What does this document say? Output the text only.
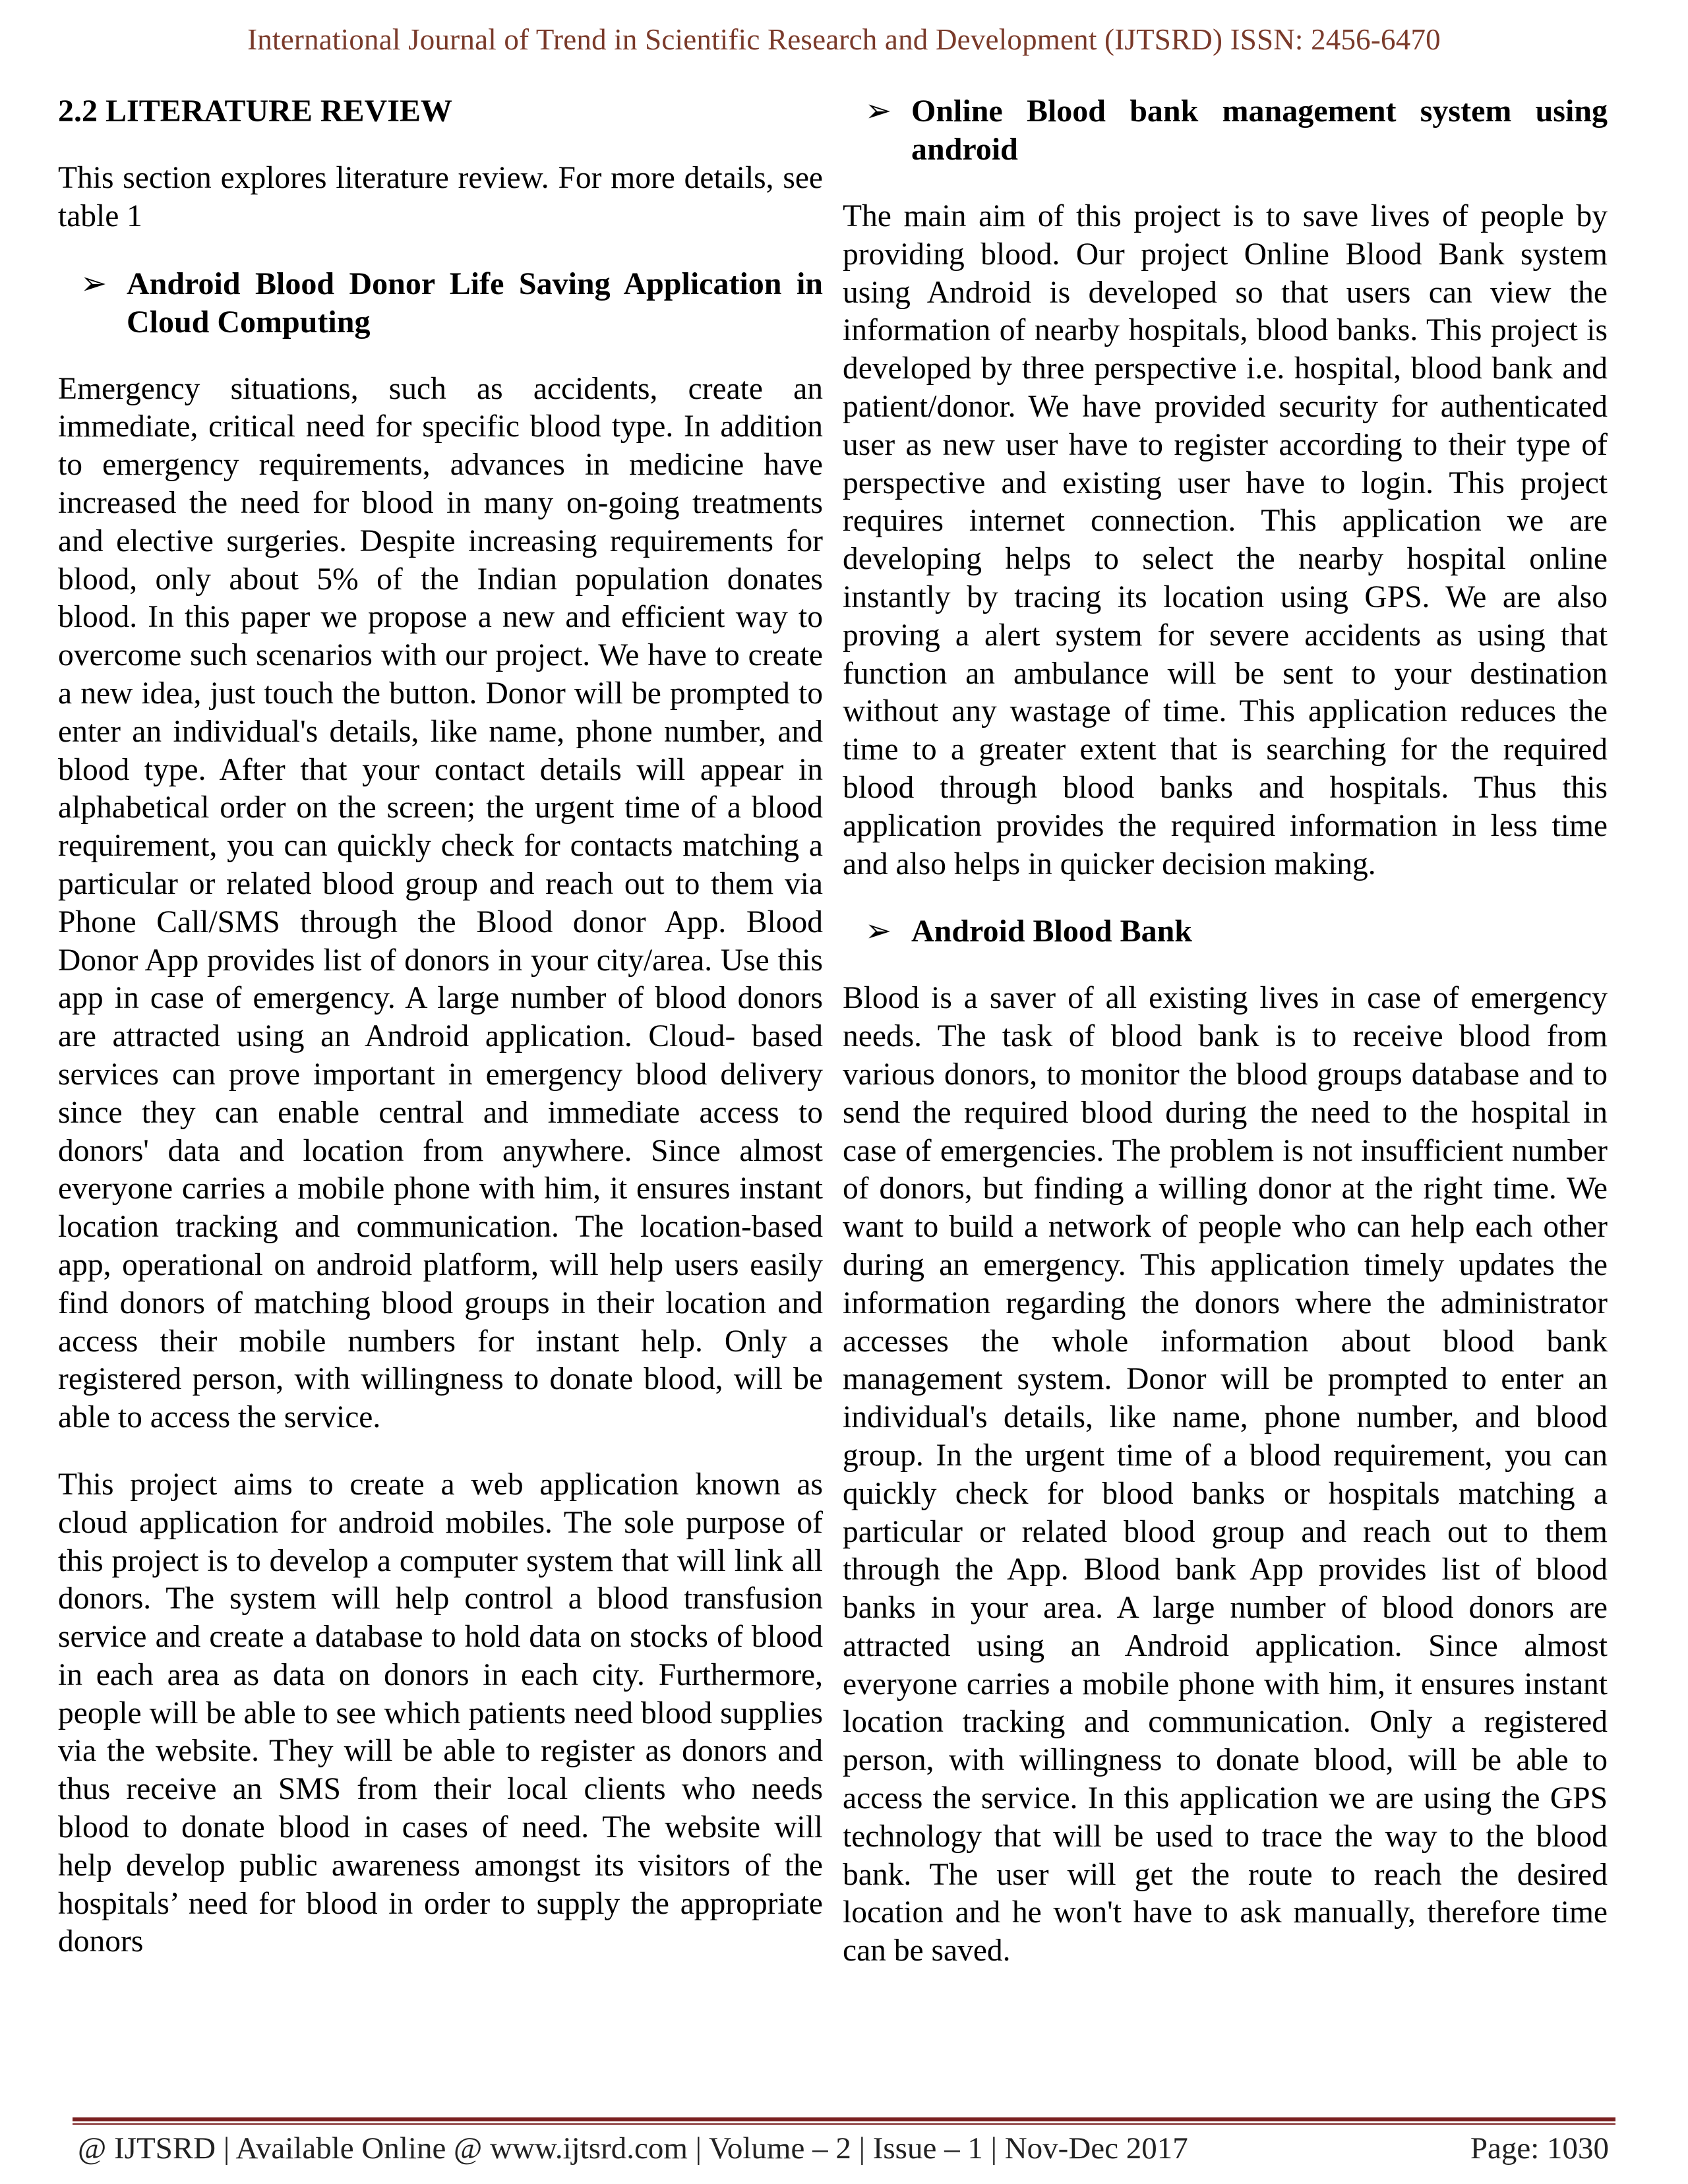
International Journal of Trend in Scientific Research and Development (IJTSRD) ISSN: 2456-6470
2.2 LITERATURE REVIEW

This section explores literature review. For more details, see table 1

➢ Android Blood Donor Life Saving Application in Cloud Computing

Emergency situations, such as accidents, create an immediate, critical need for specific blood type. In addition to emergency requirements, advances in medicine have increased the need for blood in many on-going treatments and elective surgeries. Despite increasing requirements for blood, only about 5% of the Indian population donates blood. In this paper we propose a new and efficient way to overcome such scenarios with our project. We have to create a new idea, just touch the button. Donor will be prompted to enter an individual's details, like name, phone number, and blood type. After that your contact details will appear in alphabetical order on the screen; the urgent time of a blood requirement, you can quickly check for contacts matching a particular or related blood group and reach out to them via Phone Call/SMS through the Blood donor App. Blood Donor App provides list of donors in your city/area. Use this app in case of emergency. A large number of blood donors are attracted using an Android application. Cloud- based services can prove important in emergency blood delivery since they can enable central and immediate access to donors' data and location from anywhere. Since almost everyone carries a mobile phone with him, it ensures instant location tracking and communication. The location-based app, operational on android platform, will help users easily find donors of matching blood groups in their location and access their mobile numbers for instant help. Only a registered person, with willingness to donate blood, will be able to access the service.

This project aims to create a web application known as cloud application for android mobiles. The sole purpose of this project is to develop a computer system that will link all donors. The system will help control a blood transfusion service and create a database to hold data on stocks of blood in each area as data on donors in each city. Furthermore, people will be able to see which patients need blood supplies via the website. They will be able to register as donors and thus receive an SMS from their local clients who needs blood to donate blood in cases of need. The website will help develop public awareness amongst its visitors of the hospitals’ need for blood in order to supply the appropriate donors

➢ Online Blood bank management system using android

The main aim of this project is to save lives of people by providing blood. Our project Online Blood Bank system using Android is developed so that users can view the information of nearby hospitals, blood banks. This project is developed by three perspective i.e. hospital, blood bank and patient/donor. We have provided security for authenticated user as new user have to register according to their type of perspective and existing user have to login. This project requires internet connection. This application we are developing helps to select the nearby hospital online instantly by tracing its location using GPS. We are also proving a alert system for severe accidents as using that function an ambulance will be sent to your destination without any wastage of time. This application reduces the time to a greater extent that is searching for the required blood through blood banks and hospitals. Thus this application provides the required information in less time and also helps in quicker decision making.

➢ Android Blood Bank

Blood is a saver of all existing lives in case of emergency needs. The task of blood bank is to receive blood from various donors, to monitor the blood groups database and to send the required blood during the need to the hospital in case of emergencies. The problem is not insufficient number of donors, but finding a willing donor at the right time. We want to build a network of people who can help each other during an emergency. This application timely updates the information regarding the donors where the administrator accesses the whole information about blood bank management system. Donor will be prompted to enter an individual's details, like name, phone number, and blood group. In the urgent time of a blood requirement, you can quickly check for blood banks or hospitals matching a particular or related blood group and reach out to them through the App. Blood bank App provides list of blood banks in your area. A large number of blood donors are attracted using an Android application. Since almost everyone carries a mobile phone with him, it ensures instant location tracking and communication. Only a registered person, with willingness to donate blood, will be able to access the service. In this application we are using the GPS technology that will be used to trace the way to the blood bank. The user will get the route to reach the desired location and he won't have to ask manually, therefore time can be saved.

@ IJTSRD | Available Online @ www.ijtsrd.com | Volume – 2 | Issue – 1 | Nov-Dec 2017	Page: 1030
